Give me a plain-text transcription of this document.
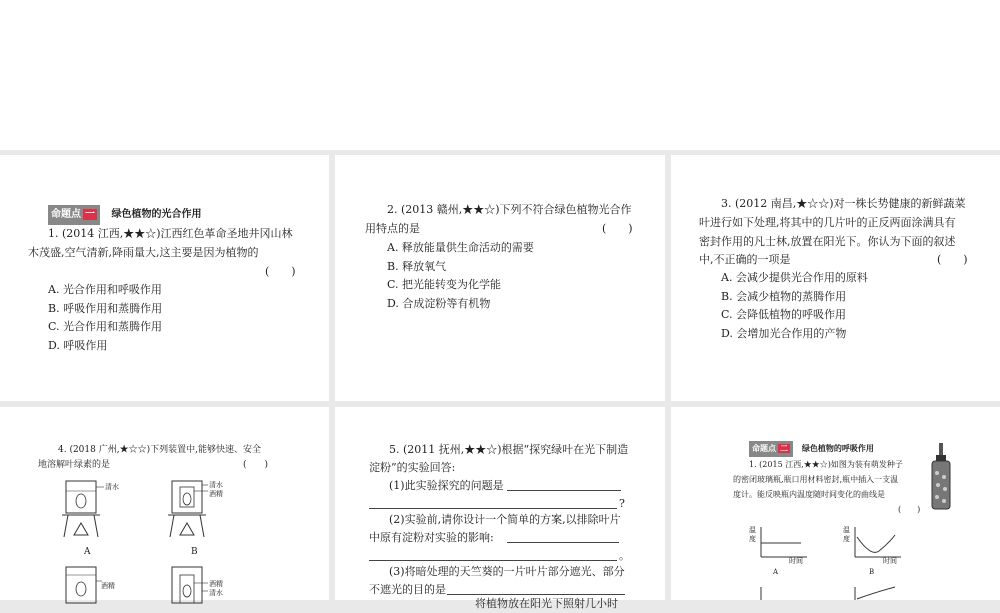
命题点 一 绿色植物的光合作用
1. (2014 江西,★★☆)江西红色革命圣地井冈山林
木茂盛,空气清新,降雨量大,这主要是因为植物的
(　　)
A. 光合作用和呼吸作用
B. 呼吸作用和蒸腾作用
C. 光合作用和蒸腾作用
D. 呼吸作用
2. (2013 赣州,★★☆)下列不符合绿色植物光合作
用特点的是	(　　)
A. 释放能量供生命活动的需要
B. 释放氧气
C. 把光能转变为化学能
D. 合成淀粉等有机物
3. (2012 南昌,★☆☆)对一株长势健康的新鲜蔬菜
叶进行如下处理,将其中的几片叶的正反两面涂满具有
密封作用的凡士林,放置在阳光下。你认为下面的叙述
中,不正确的一项是	(　　)
A. 会减少提供光合作用的原料
B. 会减少植物的蒸腾作用
C. 会降低植物的呼吸作用
D. 会增加光合作用的产物
4. (2018 广州,★☆☆)下列装置中,能够快速、安全
地溶解叶绿素的是	(　　)
清水
A
清水
酒精
B
酒精	酒精
清水
5. (2011 抚州,★★☆)根据“探究绿叶在光下制造
淀粉”的实验回答:
(1)此实验探究的问题是
?
(2)实验前,请你设计一个简单的方案,以排除叶片
中原有淀粉对实验的影响:
。
(3)将暗处理的天竺葵的一片叶片部分遮光、部分
不遮光的目的是
将植物放在阳光下照射几小时
命题点 二 绿色植物的呼吸作用
1. (2015 江西,★★☆)如图为装有萌发种子
的密闭玻璃瓶,瓶口用材料密封,瓶中插入一支温
度计。能反映瓶内温度随时间变化的曲线是
(　　)
温度
时间
A
温度
时间
B
